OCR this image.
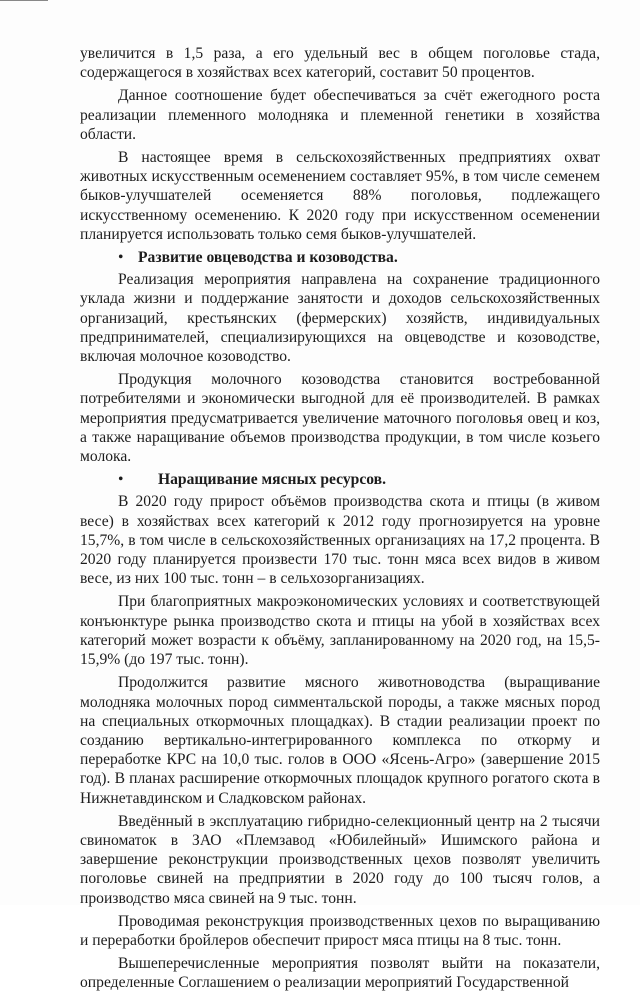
увеличится в 1,5 раза, а его удельный вес в общем поголовье стада, содержащегося в хозяйствах всех категорий, составит 50 процентов.

Данное соотношение будет обеспечиваться за счёт ежегодного роста реализации племенного молодняка и племенной генетики в хозяйства области.

В настоящее время в сельскохозяйственных предприятиях охват животных искусственным осеменением составляет 95%, в том числе семенем быков-улучшателей осеменяется 88% поголовья, подлежащего искусственному осеменению. К 2020 году при искусственном осеменении планируется использовать только семя быков-улучшателей.

• Развитие овцеводства и козоводства.

Реализация мероприятия направлена на сохранение традиционного уклада жизни и поддержание занятости и доходов сельскохозяйственных организаций, крестьянских (фермерских) хозяйств, индивидуальных предпринимателей, специализирующихся на овцеводстве и козоводстве, включая молочное козоводство.

Продукция молочного козоводства становится востребованной потребителями и экономически выгодной для её производителей. В рамках мероприятия предусматривается увеличение маточного поголовья овец и коз, а также наращивание объемов производства продукции, в том числе козьего молока.

•	Наращивание мясных ресурсов.

В 2020 году прирост объёмов производства скота и птицы (в живом весе) в хозяйствах всех категорий к 2012 году прогнозируется на уровне 15,7%, в том числе в сельскохозяйственных организациях на 17,2 процента. В 2020 году планируется произвести 170 тыс. тонн мяса всех видов в живом весе, из них 100 тыс. тонн – в сельхозорганизациях.

При благоприятных макроэкономических условиях и соответствующей конъюнктуре рынка производство скота и птицы на убой в хозяйствах всех категорий может возрасти к объёму, запланированному на 2020 год, на 15,5-15,9% (до 197 тыс. тонн).

Продолжится развитие мясного животноводства (выращивание молодняка молочных пород симментальской породы, а также мясных пород на специальных откормочных площадках). В стадии реализации проект по созданию вертикально-интегрированного комплекса по откорму и переработке КРС на 10,0 тыс. голов в ООО «Ясень-Агро» (завершение 2015 год). В планах расширение откормочных площадок крупного рогатого скота в Нижнетавдинском и Сладковском районах.

Введённый в эксплуатацию гибридно-селекционный центр на 2 тысячи свиноматок в ЗАО «Племзавод «Юбилейный» Ишимского района и завершение реконструкции производственных цехов позволят увеличить поголовье свиней на предприятии в 2020 году до 100 тысяч голов, а производство мяса свиней на 9 тыс. тонн.

Проводимая реконструкция производственных цехов по выращиванию и переработки бройлеров обеспечит прирост мяса птицы на 8 тыс. тонн.

Вышеперечисленные мероприятия позволят выйти на показатели, определенные Соглашением о реализации мероприятий Государственной
